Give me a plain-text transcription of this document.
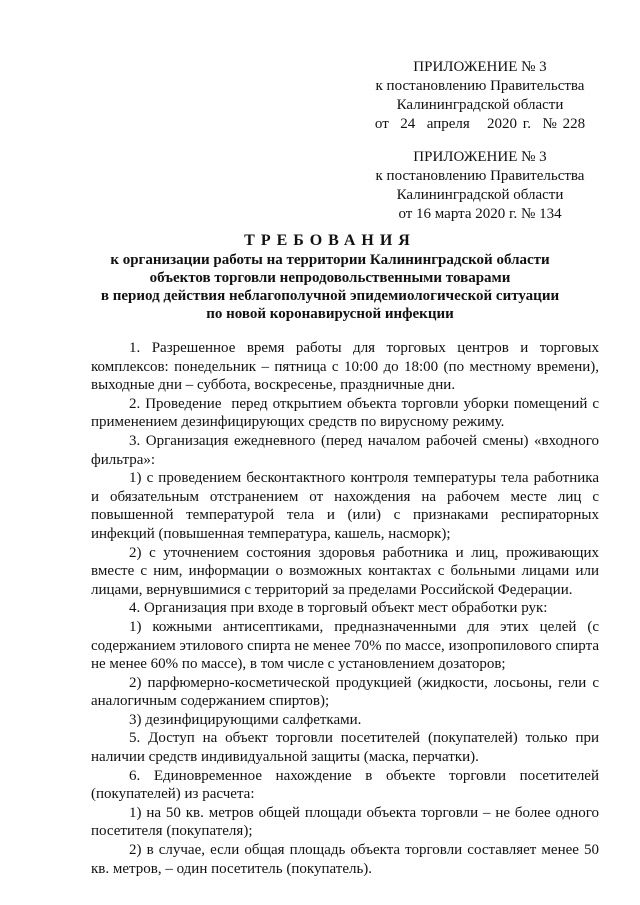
ПРИЛОЖЕНИЕ № 3
к постановлению Правительства
Калининградской области
от  24  апреля   2020 г.  № 228
ПРИЛОЖЕНИЕ № 3
к постановлению Правительства
Калининградской области
от 16 марта 2020 г. № 134
ТРЕБОВАНИЯ
к организации работы на территории Калининградской области
объектов торговли непродовольственными товарами
в период действия неблагополучной эпидемиологической ситуации
по новой коронавирусной инфекции

1. Разрешенное время работы для торговых центров и торговых комплексов: понедельник – пятница с 10:00 до 18:00 (по местному времени), выходные дни – суббота, воскресенье, праздничные дни.

2. Проведение  перед открытием объекта торговли уборки помещений с применением дезинфицирующих средств по вирусному режиму.

3. Организация ежедневного (перед началом рабочей смены) «входного фильтра»:

1) с проведением бесконтактного контроля температуры тела работника и обязательным отстранением от нахождения на рабочем месте лиц с повышенной температурой тела и (или) с признаками респираторных инфекций (повышенная температура, кашель, насморк);

2) с уточнением состояния здоровья работника и лиц, проживающих вместе с ним, информации о возможных контактах с больными лицами или лицами, вернувшимися с территорий за пределами Российской Федерации.

4. Организация при входе в торговый объект мест обработки рук:

1) кожными антисептиками, предназначенными для этих целей (с содержанием этилового спирта не менее 70% по массе, изопропилового спирта не менее 60% по массе), в том числе с установлением дозаторов;

2) парфюмерно-косметической продукцией (жидкости, лосьоны, гели с аналогичным содержанием спиртов);

3) дезинфицирующими салфетками.

5. Доступ на объект торговли посетителей (покупателей) только при наличии средств индивидуальной защиты (маска, перчатки).

6. Единовременное нахождение в объекте торговли посетителей (покупателей) из расчета:

1) на 50 кв. метров общей площади объекта торговли – не более одного посетителя (покупателя);

2) в случае, если общая площадь объекта торговли составляет менее 50 кв. метров, – один посетитель (покупатель).
